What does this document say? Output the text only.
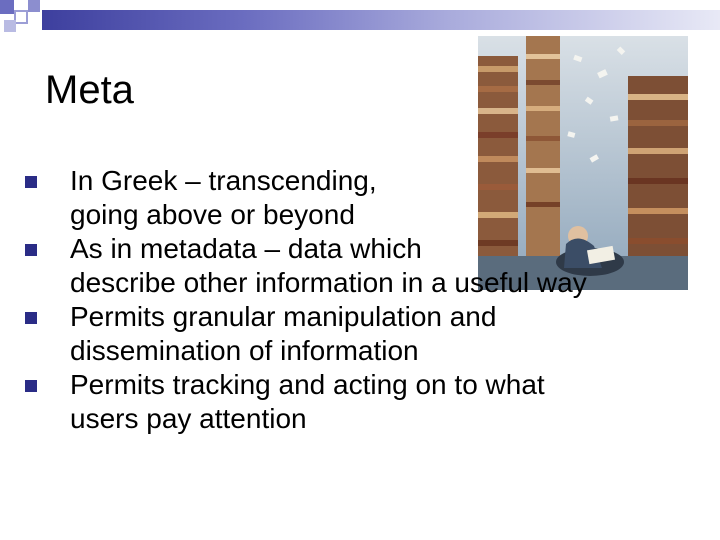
Meta
In Greek – transcending,
going above or beyond
As in metadata – data which
describe other information in a useful way
Permits granular manipulation and
dissemination of information
Permits tracking and acting on to what
users pay attention
